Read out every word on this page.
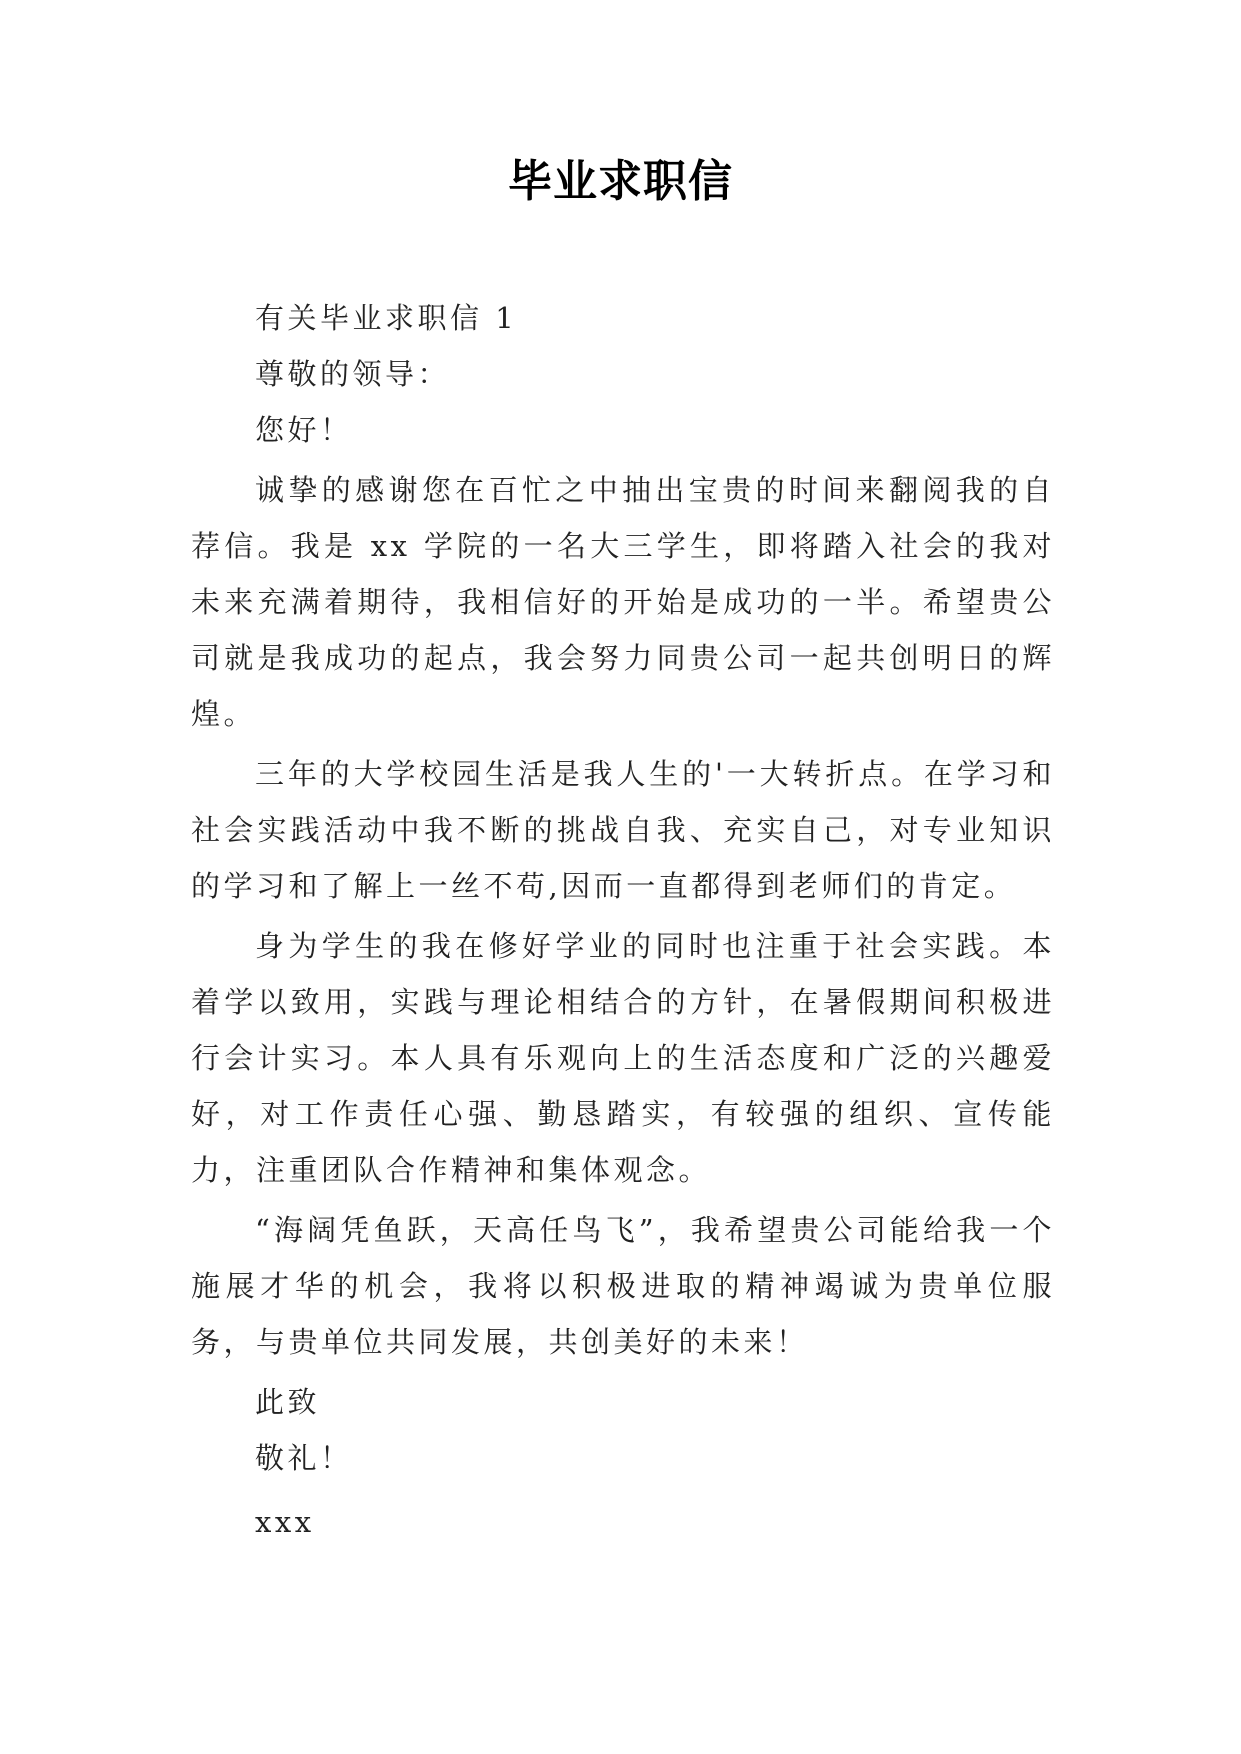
毕业求职信

有关毕业求职信 1

尊敬的领导：

您好！

诚挚的感谢您在百忙之中抽出宝贵的时间来翻阅我的自荐信。我是 xx 学院的一名大三学生，即将踏入社会的我对未来充满着期待，我相信好的开始是成功的一半。希望贵公司就是我成功的起点，我会努力同贵公司一起共创明日的辉煌。

三年的大学校园生活是我人生的'一大转折点。在学习和社会实践活动中我不断的挑战自我、充实自己，对专业知识的学习和了解上一丝不苟,因而一直都得到老师们的肯定。

身为学生的我在修好学业的同时也注重于社会实践。本着学以致用，实践与理论相结合的方针，在暑假期间积极进行会计实习。本人具有乐观向上的生活态度和广泛的兴趣爱好，对工作责任心强、勤恳踏实，有较强的组织、宣传能力，注重团队合作精神和集体观念。

“海阔凭鱼跃，天高任鸟飞”，我希望贵公司能给我一个施展才华的机会，我将以积极进取的精神竭诚为贵单位服务，与贵单位共同发展，共创美好的未来！

此致

敬礼！

xxx
